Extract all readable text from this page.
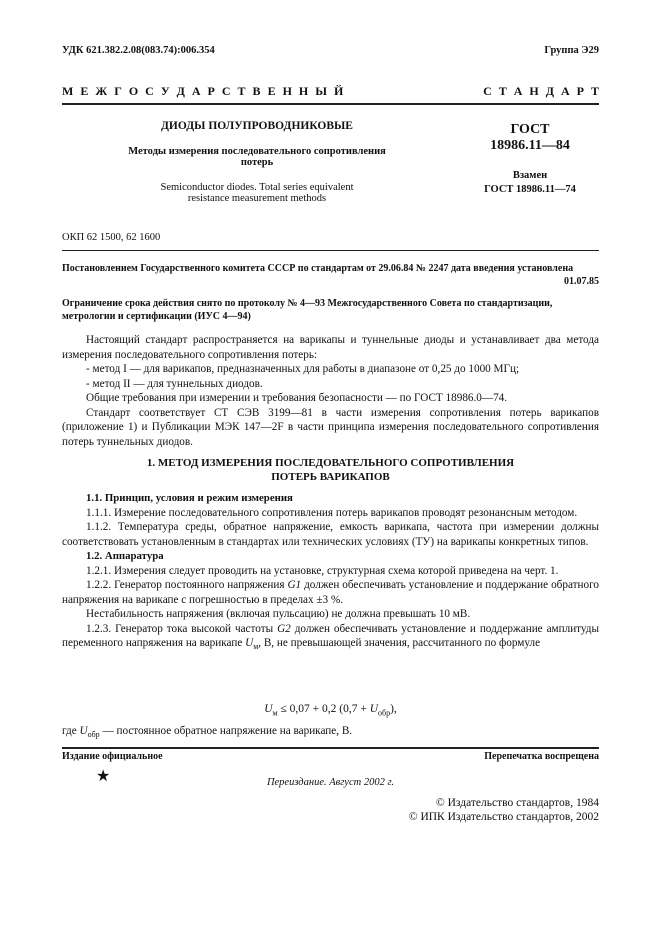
УДК 621.382.2.08(083.74):006.354	Группа Э29
М Е Ж Г О С У Д А Р С Т В Е Н Н Ы Й	С Т А Н Д А Р Т
ДИОДЫ ПОЛУПРОВОДНИКОВЫЕ
Методы измерения последовательного сопротивления
потерь
Semiconductor diodes. Total series equivalent
resistance measurement methods
ГОСТ
18986.11—84
Взамен
ГОСТ 18986.11—74
ОКП 62 1500, 62 1600
Постановлением Государственного комитета СССР по стандартам от 29.06.84 № 2247 дата введения установлена
01.07.85
Ограничение срока действия снято по протоколу № 4—93 Межгосударственного Совета по стандартизации,
метрологии и сертификации (ИУС 4—94)
Настоящий стандарт распространяется на варикапы и туннельные диоды и устанавливает два метода измерения последовательного сопротивления потерь:
- метод I — для варикапов, предназначенных для работы в диапазоне от 0,25 до 1000 МГц;
- метод II — для туннельных диодов.
Общие требования при измерении и требования безопасности — по ГОСТ 18986.0—74.
Стандарт соответствует СТ СЭВ 3199—81 в части измерения сопротивления потерь варикапов (приложение 1) и Публикации МЭК 147—2F в части принципа измерения последовательного сопротивления потерь туннельных диодов.
1. МЕТОД ИЗМЕРЕНИЯ ПОСЛЕДОВАТЕЛЬНОГО СОПРОТИВЛЕНИЯ
ПОТЕРЬ ВАРИКАПОВ
1.1. Принцип, условия и режим измерения
1.1.1. Измерение последовательного сопротивления потерь варикапов проводят резонансным методом.
1.1.2. Температура среды, обратное напряжение, емкость варикапа, частота при измерении должны соответствовать установленным в стандартах или технических условиях (ТУ) на варикапы конкретных типов.
1.2. Аппаратура
1.2.1. Измерения следует проводить на установке, структурная схема которой приведена на черт. 1.
1.2.2. Генератор постоянного напряжения G1 должен обеспечивать установление и поддержание обратного напряжения на варикапе с погрешностью в пределах ±3 %.
Нестабильность напряжения (включая пульсацию) не должна превышать 10 мВ.
1.2.3. Генератор тока высокой частоты G2 должен обеспечивать установление и поддержание амплитуды переменного напряжения на варикапе $U_м$, В, не превышающей значения, рассчитанного по формуле
$U_м \le 0,07 + 0,2$ $(0,7 + U_{обр})$,
где $U_{обр}$ — постоянное обратное напряжение на варикапе, В.
Издание официальное	Перепечатка воспрещена
★	Переиздание. Август 2002 г.
© Издательство стандартов, 1984
© ИПК Издательство стандартов, 2002
